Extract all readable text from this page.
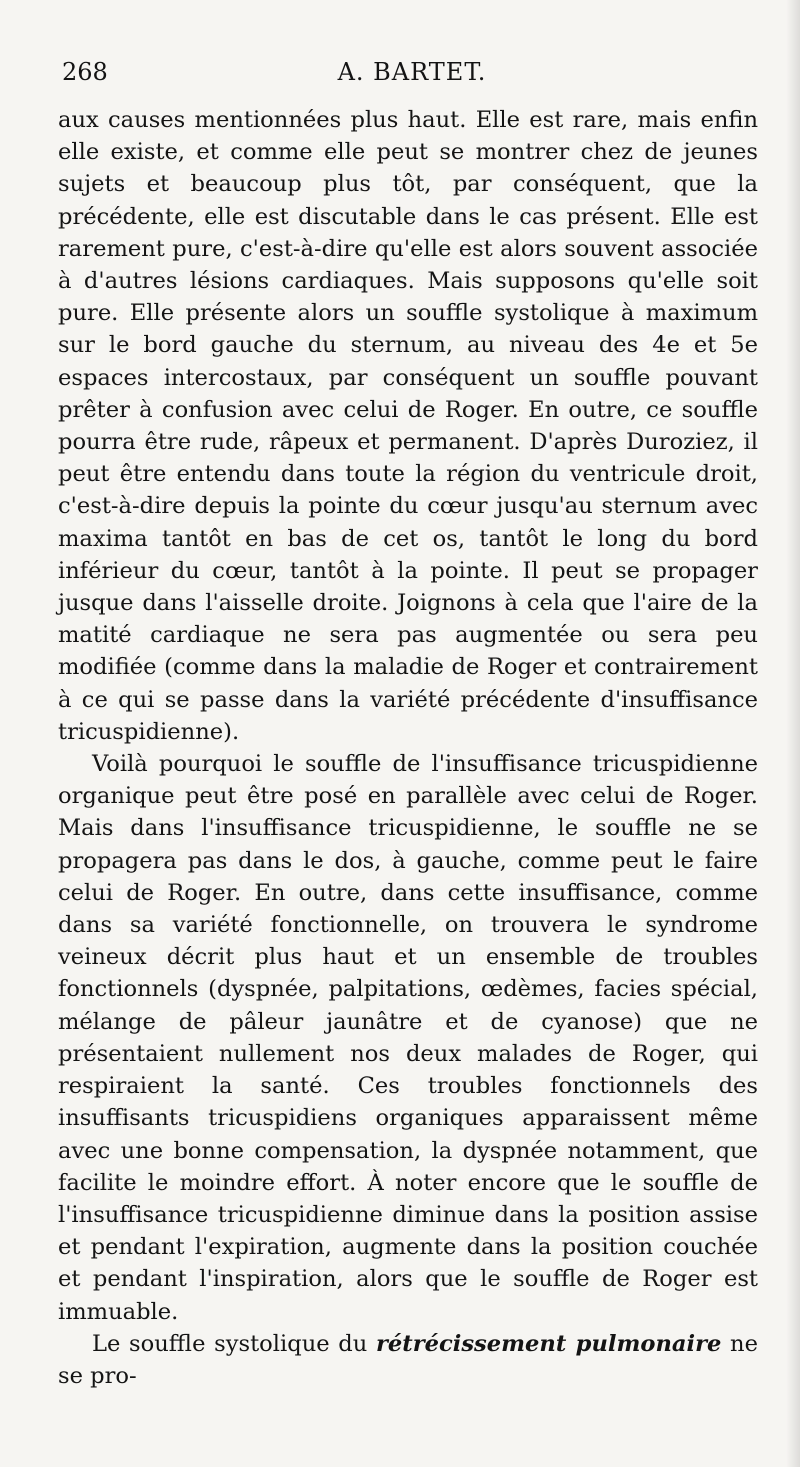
268	A. BARTET.

aux causes mentionnées plus haut. Elle est rare, mais enfin elle existe, et comme elle peut se montrer chez de jeunes sujets et beaucoup plus tôt, par conséquent, que la précédente, elle est discutable dans le cas présent. Elle est rarement pure, c'est-à-dire qu'elle est alors souvent associée à d'autres lésions cardiaques. Mais supposons qu'elle soit pure. Elle présente alors un souffle systolique à maximum sur le bord gauche du sternum, au niveau des 4e et 5e espaces intercostaux, par conséquent un souffle pouvant prêter à confusion avec celui de Roger. En outre, ce souffle pourra être rude, râpeux et permanent. D'après Duroziez, il peut être entendu dans toute la région du ventricule droit, c'est-à-dire depuis la pointe du cœur jusqu'au sternum avec maxima tantôt en bas de cet os, tantôt le long du bord inférieur du cœur, tantôt à la pointe. Il peut se propager jusque dans l'aisselle droite. Joignons à cela que l'aire de la matité cardiaque ne sera pas augmentée ou sera peu modifiée (comme dans la maladie de Roger et contrairement à ce qui se passe dans la variété précédente d'insuffisance tricuspidienne).

Voilà pourquoi le souffle de l'insuffisance tricuspidienne organique peut être posé en parallèle avec celui de Roger. Mais dans l'insuffisance tricuspidienne, le souffle ne se propagera pas dans le dos, à gauche, comme peut le faire celui de Roger. En outre, dans cette insuffisance, comme dans sa variété fonctionnelle, on trouvera le syndrome veineux décrit plus haut et un ensemble de troubles fonctionnels (dyspnée, palpitations, œdèmes, facies spécial, mélange de pâleur jaunâtre et de cyanose) que ne présentaient nullement nos deux malades de Roger, qui respiraient la santé. Ces troubles fonctionnels des insuffisants tricuspidiens organiques apparaissent même avec une bonne compensation, la dyspnée notamment, que facilite le moindre effort. À noter encore que le souffle de l'insuffisance tricuspidienne diminue dans la position assise et pendant l'expiration, augmente dans la position couchée et pendant l'inspiration, alors que le souffle de Roger est immuable.

Le souffle systolique du rétrécissement pulmonaire ne se pro-
